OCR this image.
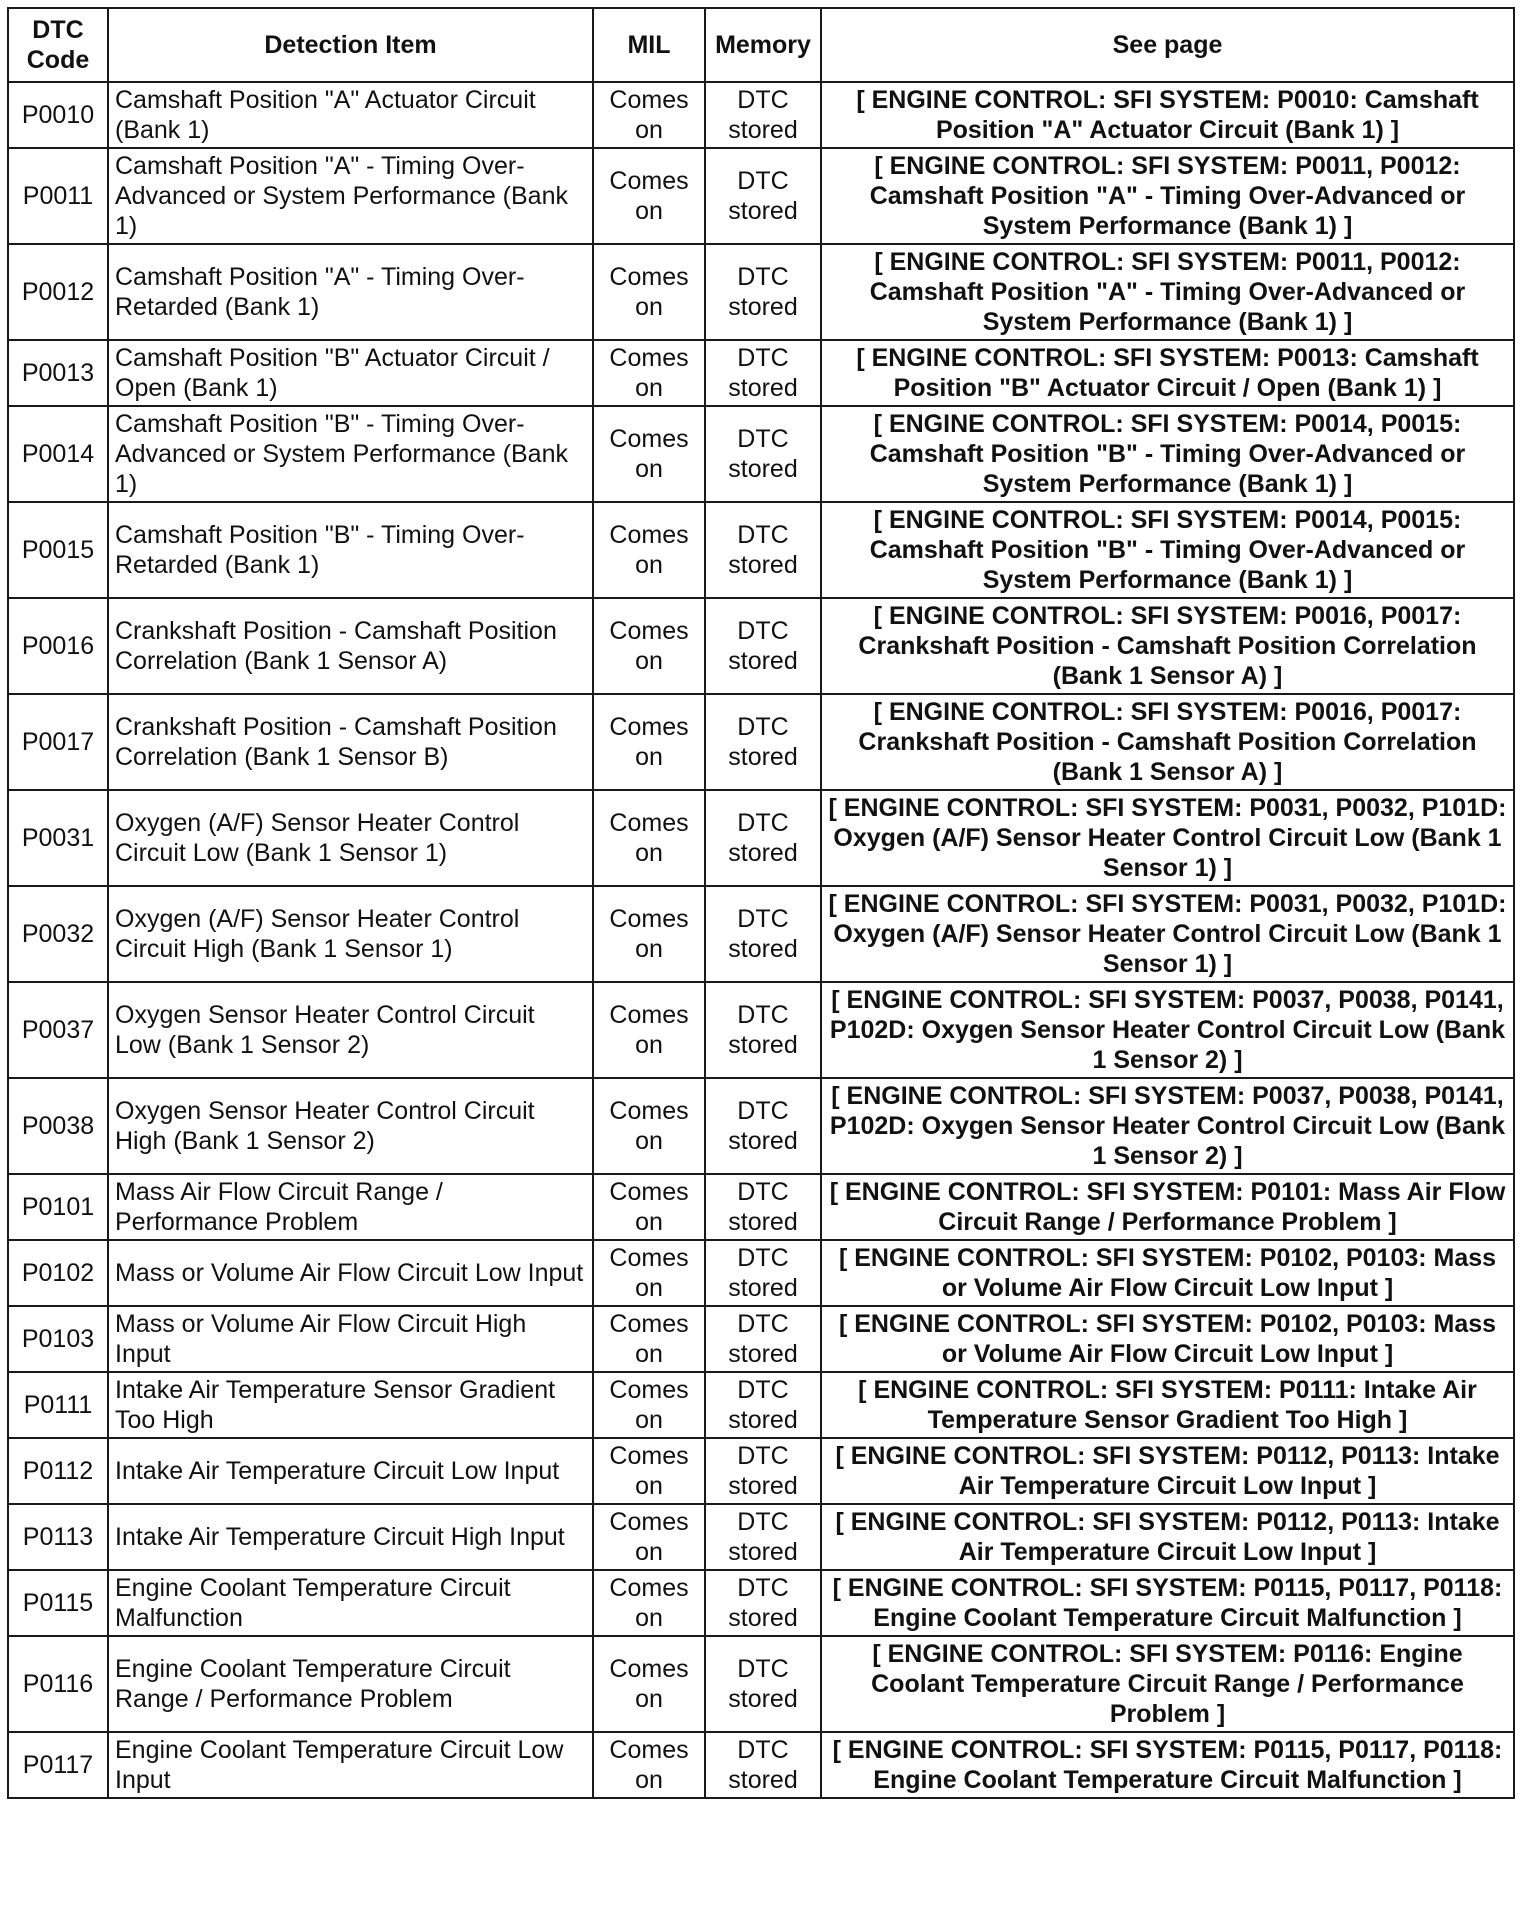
DTC Code	Detection Item	MIL	Memory	See page
P0010	Camshaft Position "A" Actuator Circuit (Bank 1)	Comes on	DTC stored	[ ENGINE CONTROL: SFI SYSTEM: P0010: Camshaft Position "A" Actuator Circuit (Bank 1) ]
P0011	Camshaft Position "A" - Timing Over-Advanced or System Performance (Bank 1)	Comes on	DTC stored	[ ENGINE CONTROL: SFI SYSTEM: P0011, P0012: Camshaft Position "A" - Timing Over-Advanced or System Performance (Bank 1) ]
P0012	Camshaft Position "A" - Timing Over-Retarded (Bank 1)	Comes on	DTC stored	[ ENGINE CONTROL: SFI SYSTEM: P0011, P0012: Camshaft Position "A" - Timing Over-Advanced or System Performance (Bank 1) ]
P0013	Camshaft Position "B" Actuator Circuit / Open (Bank 1)	Comes on	DTC stored	[ ENGINE CONTROL: SFI SYSTEM: P0013: Camshaft Position "B" Actuator Circuit / Open (Bank 1) ]
P0014	Camshaft Position "B" - Timing Over-Advanced or System Performance (Bank 1)	Comes on	DTC stored	[ ENGINE CONTROL: SFI SYSTEM: P0014, P0015: Camshaft Position "B" - Timing Over-Advanced or System Performance (Bank 1) ]
P0015	Camshaft Position "B" - Timing Over-Retarded (Bank 1)	Comes on	DTC stored	[ ENGINE CONTROL: SFI SYSTEM: P0014, P0015: Camshaft Position "B" - Timing Over-Advanced or System Performance (Bank 1) ]
P0016	Crankshaft Position - Camshaft Position Correlation (Bank 1 Sensor A)	Comes on	DTC stored	[ ENGINE CONTROL: SFI SYSTEM: P0016, P0017: Crankshaft Position - Camshaft Position Correlation (Bank 1 Sensor A) ]
P0017	Crankshaft Position - Camshaft Position Correlation (Bank 1 Sensor B)	Comes on	DTC stored	[ ENGINE CONTROL: SFI SYSTEM: P0016, P0017: Crankshaft Position - Camshaft Position Correlation (Bank 1 Sensor A) ]
P0031	Oxygen (A/F) Sensor Heater Control Circuit Low (Bank 1 Sensor 1)	Comes on	DTC stored	[ ENGINE CONTROL: SFI SYSTEM: P0031, P0032, P101D: Oxygen (A/F) Sensor Heater Control Circuit Low (Bank 1 Sensor 1) ]
P0032	Oxygen (A/F) Sensor Heater Control Circuit High (Bank 1 Sensor 1)	Comes on	DTC stored	[ ENGINE CONTROL: SFI SYSTEM: P0031, P0032, P101D: Oxygen (A/F) Sensor Heater Control Circuit Low (Bank 1 Sensor 1) ]
P0037	Oxygen Sensor Heater Control Circuit Low (Bank 1 Sensor 2)	Comes on	DTC stored	[ ENGINE CONTROL: SFI SYSTEM: P0037, P0038, P0141, P102D: Oxygen Sensor Heater Control Circuit Low (Bank 1 Sensor 2) ]
P0038	Oxygen Sensor Heater Control Circuit High (Bank 1 Sensor 2)	Comes on	DTC stored	[ ENGINE CONTROL: SFI SYSTEM: P0037, P0038, P0141, P102D: Oxygen Sensor Heater Control Circuit Low (Bank 1 Sensor 2) ]
P0101	Mass Air Flow Circuit Range / Performance Problem	Comes on	DTC stored	[ ENGINE CONTROL: SFI SYSTEM: P0101: Mass Air Flow Circuit Range / Performance Problem ]
P0102	Mass or Volume Air Flow Circuit Low Input	Comes on	DTC stored	[ ENGINE CONTROL: SFI SYSTEM: P0102, P0103: Mass or Volume Air Flow Circuit Low Input ]
P0103	Mass or Volume Air Flow Circuit High Input	Comes on	DTC stored	[ ENGINE CONTROL: SFI SYSTEM: P0102, P0103: Mass or Volume Air Flow Circuit Low Input ]
P0111	Intake Air Temperature Sensor Gradient Too High	Comes on	DTC stored	[ ENGINE CONTROL: SFI SYSTEM: P0111: Intake Air Temperature Sensor Gradient Too High ]
P0112	Intake Air Temperature Circuit Low Input	Comes on	DTC stored	[ ENGINE CONTROL: SFI SYSTEM: P0112, P0113: Intake Air Temperature Circuit Low Input ]
P0113	Intake Air Temperature Circuit High Input	Comes on	DTC stored	[ ENGINE CONTROL: SFI SYSTEM: P0112, P0113: Intake Air Temperature Circuit Low Input ]
P0115	Engine Coolant Temperature Circuit Malfunction	Comes on	DTC stored	[ ENGINE CONTROL: SFI SYSTEM: P0115, P0117, P0118: Engine Coolant Temperature Circuit Malfunction ]
P0116	Engine Coolant Temperature Circuit Range / Performance Problem	Comes on	DTC stored	[ ENGINE CONTROL: SFI SYSTEM: P0116: Engine Coolant Temperature Circuit Range / Performance Problem ]
P0117	Engine Coolant Temperature Circuit Low Input	Comes on	DTC stored	[ ENGINE CONTROL: SFI SYSTEM: P0115, P0117, P0118: Engine Coolant Temperature Circuit Malfunction ]
